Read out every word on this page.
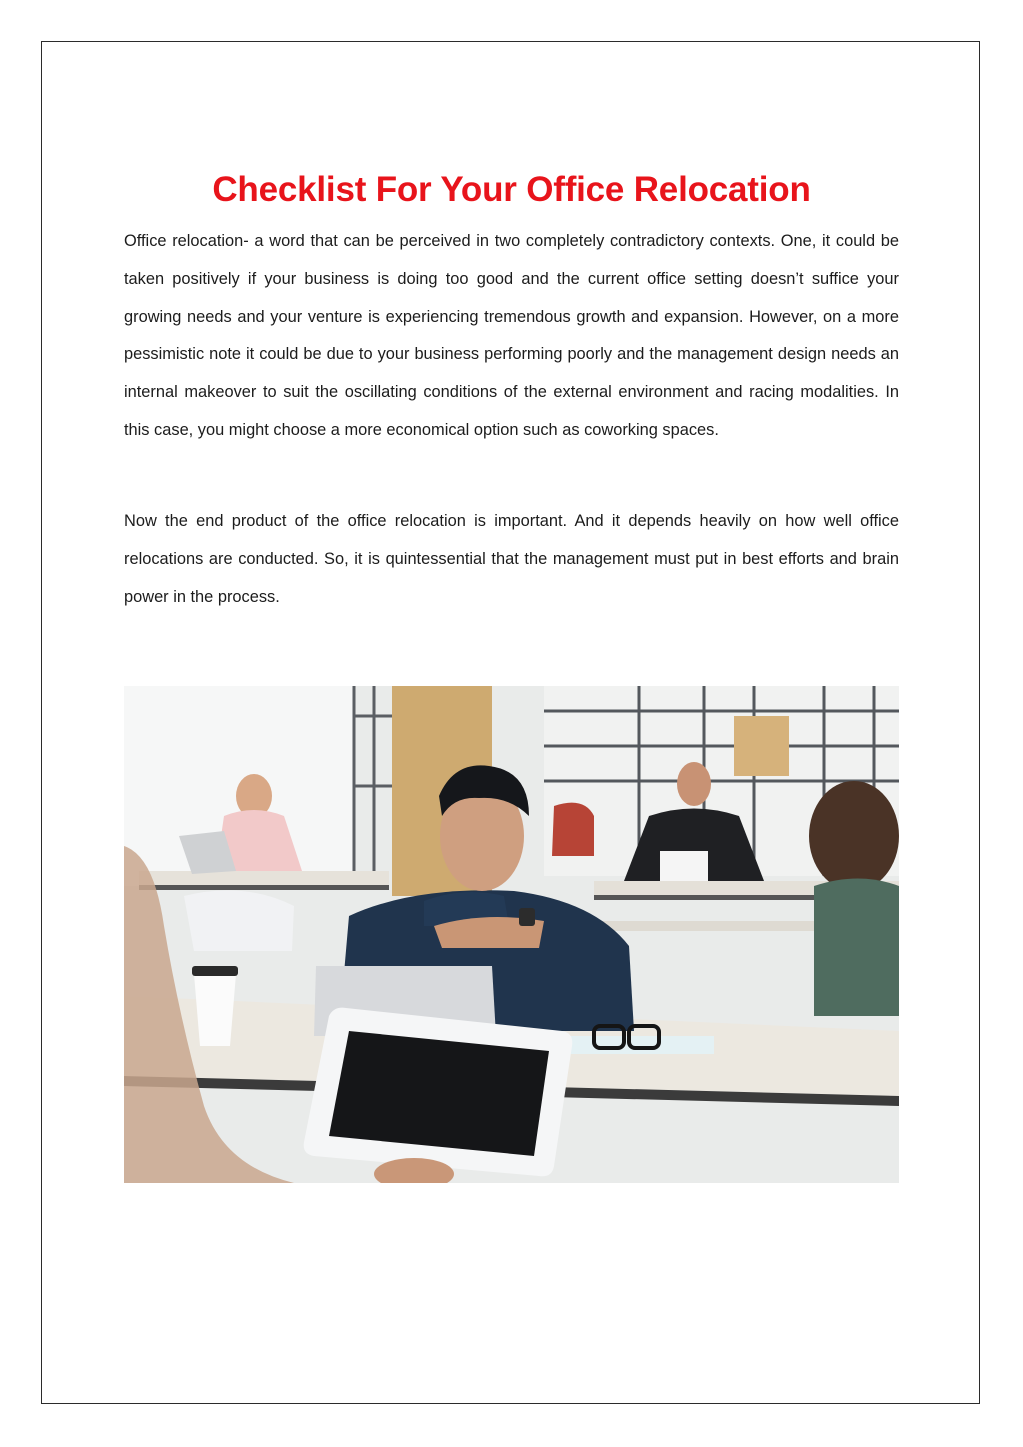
Checklist For Your Office Relocation

Office relocation- a word that can be perceived in two completely contradictory contexts. One, it could be taken positively if your business is doing too good and the current office setting doesn’t suffice your growing needs and your venture is experiencing tremendous growth and expansion. However, on a more pessimistic note it could be due to your business performing poorly and the management design needs an internal makeover to suit the oscillating conditions of the external environment and racing modalities. In this case, you might choose a more economical option such as coworking spaces.

Now the end product of the office relocation is important. And it depends heavily on how well office relocations are conducted. So, it is quintessential that the management must put in best efforts and brain power in the process.
